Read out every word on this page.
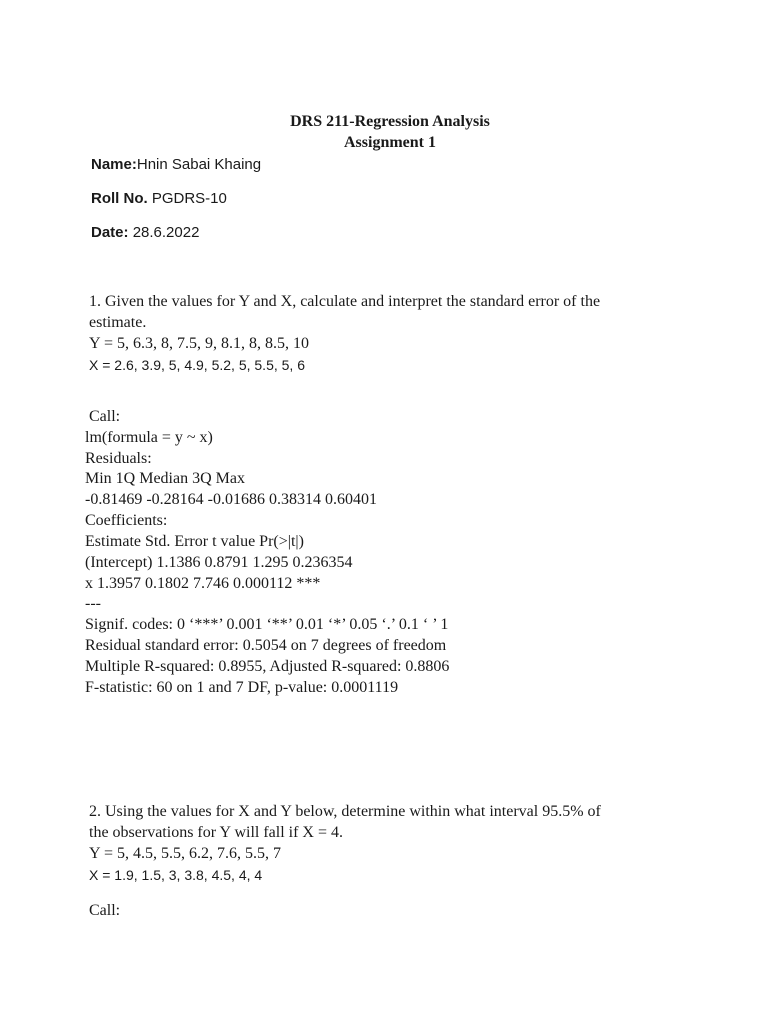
DRS 211-Regression Analysis
Assignment 1
Name:Hnin Sabai Khaing
Roll No. PGDRS-10
Date: 28.6.2022
1. Given the values for Y and X, calculate and interpret the standard error of the
estimate.
Y = 5, 6.3, 8, 7.5, 9, 8.1, 8, 8.5, 10
X = 2.6, 3.9, 5, 4.9, 5.2, 5, 5.5, 5, 6
Call:
lm(formula = y ~ x)
Residuals:
Min 1Q Median 3Q Max
-0.81469 -0.28164 -0.01686 0.38314 0.60401
Coefficients:
Estimate Std. Error t value Pr(>|t|)
(Intercept) 1.1386 0.8791 1.295 0.236354
x 1.3957 0.1802 7.746 0.000112 ***
---
Signif. codes: 0 ‘***’ 0.001 ‘**’ 0.01 ‘*’ 0.05 ‘.’ 0.1 ‘ ’ 1
Residual standard error: 0.5054 on 7 degrees of freedom
Multiple R-squared: 0.8955, Adjusted R-squared: 0.8806
F-statistic: 60 on 1 and 7 DF, p-value: 0.0001119
2. Using the values for X and Y below, determine within what interval 95.5% of
the observations for Y will fall if X = 4.
Y = 5, 4.5, 5.5, 6.2, 7.6, 5.5, 7
X = 1.9, 1.5, 3, 3.8, 4.5, 4, 4
Call:
